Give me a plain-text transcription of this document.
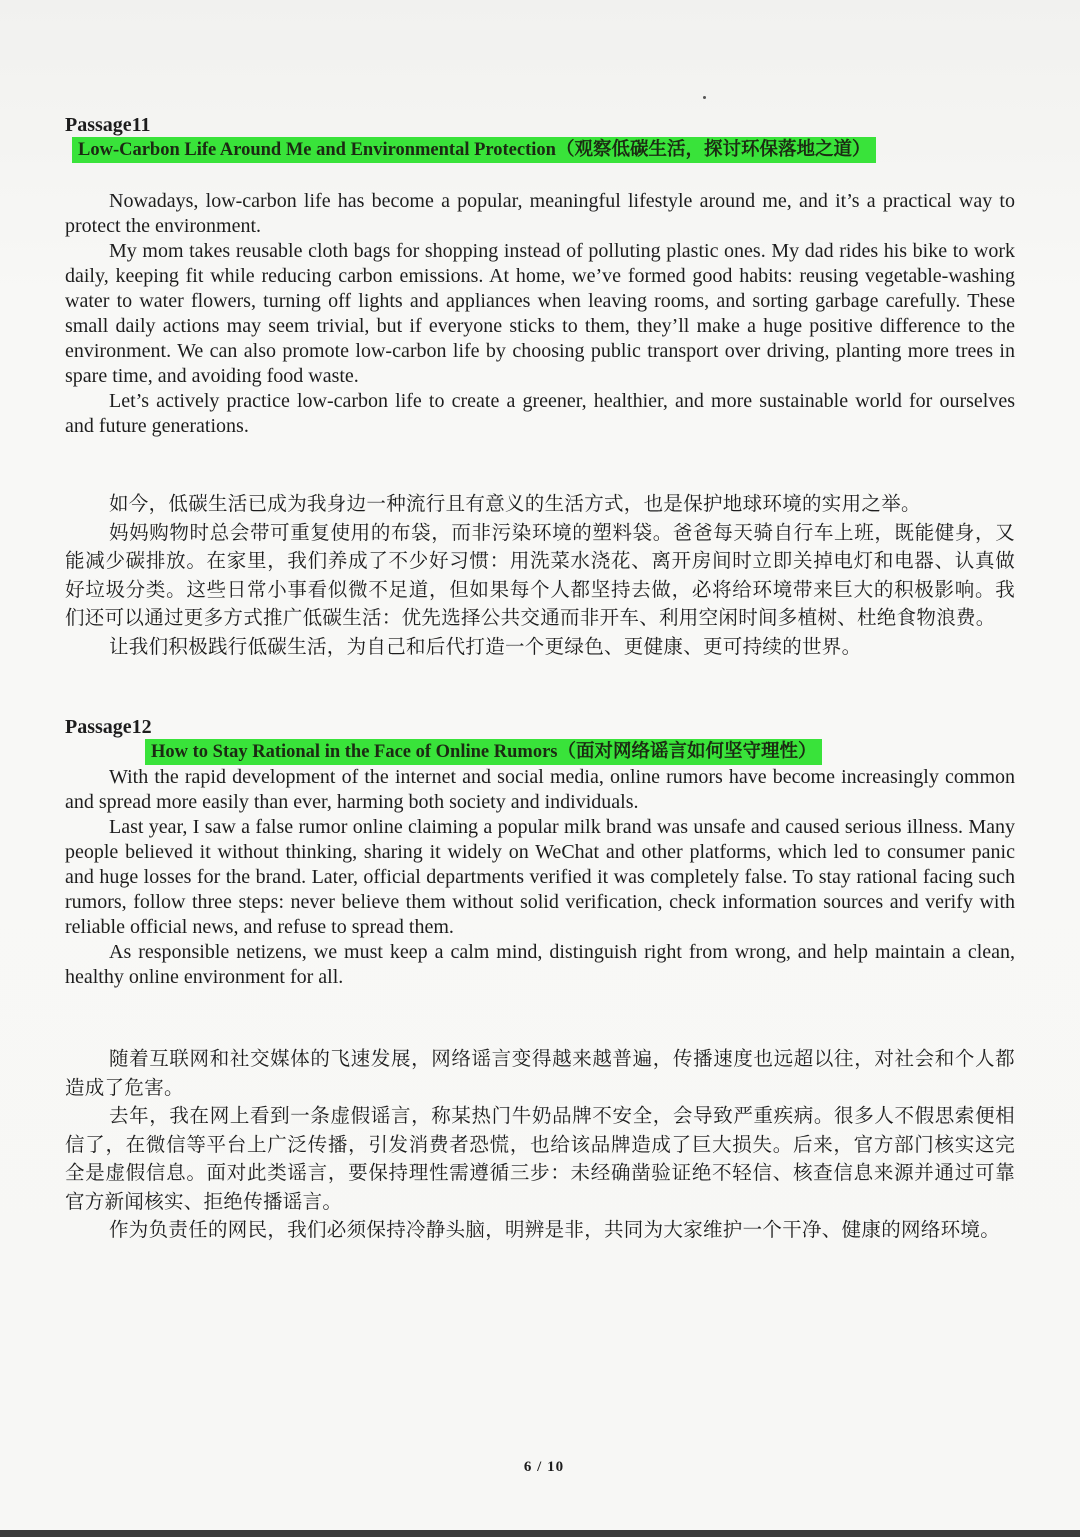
Passage11

Low-Carbon Life Around Me and Environmental Protection（观察低碳生活，探讨环保落地之道）

Nowadays, low-carbon life has become a popular, meaningful lifestyle around me, and it’s a practical way to protect the environment.

My mom takes reusable cloth bags for shopping instead of polluting plastic ones. My dad rides his bike to work daily, keeping fit while reducing carbon emissions. At home, we’ve formed good habits: reusing vegetable-washing water to water flowers, turning off lights and appliances when leaving rooms, and sorting garbage carefully. These small daily actions may seem trivial, but if everyone sticks to them, they’ll make a huge positive difference to the environment. We can also promote low-carbon life by choosing public transport over driving, planting more trees in spare time, and avoiding food waste.

Let’s actively practice low-carbon life to create a greener, healthier, and more sustainable world for ourselves and future generations.

如今，低碳生活已成为我身边一种流行且有意义的生活方式，也是保护地球环境的实用之举。

妈妈购物时总会带可重复使用的布袋，而非污染环境的塑料袋。爸爸每天骑自行车上班，既能健身，又能减少碳排放。在家里，我们养成了不少好习惯：用洗菜水浇花、离开房间时立即关掉电灯和电器、认真做好垃圾分类。这些日常小事看似微不足道，但如果每个人都坚持去做，必将给环境带来巨大的积极影响。我们还可以通过更多方式推广低碳生活：优先选择公共交通而非开车、利用空闲时间多植树、杜绝食物浪费。

让我们积极践行低碳生活，为自己和后代打造一个更绿色、更健康、更可持续的世界。

Passage12

How to Stay Rational in the Face of Online Rumors（面对网络谣言如何坚守理性）

With the rapid development of the internet and social media, online rumors have become increasingly common and spread more easily than ever, harming both society and individuals.

Last year, I saw a false rumor online claiming a popular milk brand was unsafe and caused serious illness. Many people believed it without thinking, sharing it widely on WeChat and other platforms, which led to consumer panic and huge losses for the brand. Later, official departments verified it was completely false. To stay rational facing such rumors, follow three steps: never believe them without solid verification, check information sources and verify with reliable official news, and refuse to spread them.

As responsible netizens, we must keep a calm mind, distinguish right from wrong, and help maintain a clean, healthy online environment for all.

随着互联网和社交媒体的飞速发展，网络谣言变得越来越普遍，传播速度也远超以往，对社会和个人都造成了危害。

去年，我在网上看到一条虚假谣言，称某热门牛奶品牌不安全，会导致严重疾病。很多人不假思索便相信了，在微信等平台上广泛传播，引发消费者恐慌，也给该品牌造成了巨大损失。后来，官方部门核实这完全是虚假信息。面对此类谣言，要保持理性需遵循三步：未经确凿验证绝不轻信、核查信息来源并通过可靠官方新闻核实、拒绝传播谣言。

作为负责任的网民，我们必须保持冷静头脑，明辨是非，共同为大家维护一个干净、健康的网络环境。

6 / 10
